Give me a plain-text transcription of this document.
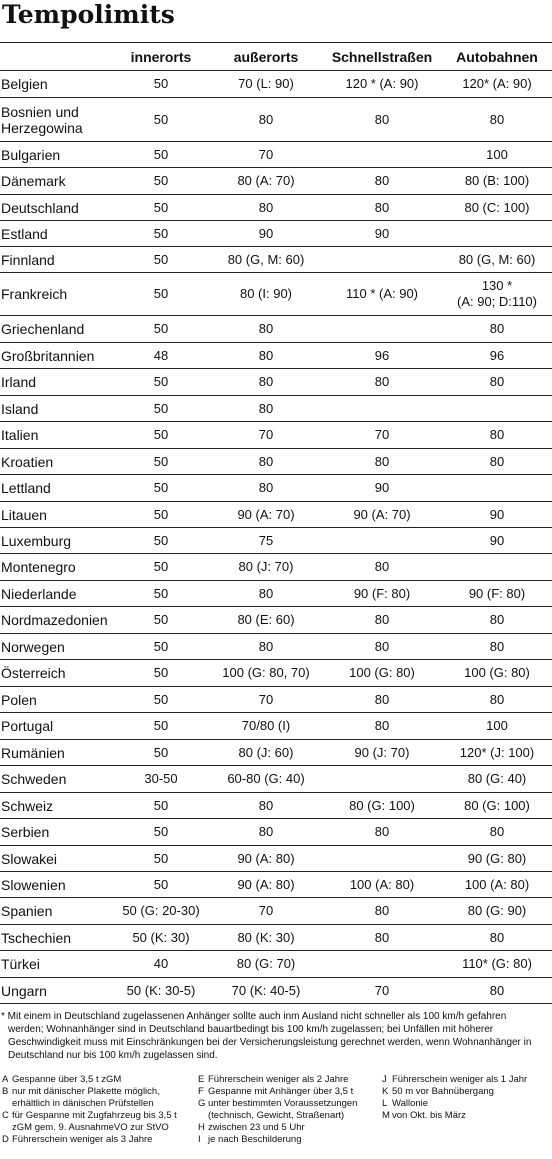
Tempolimits
	innerorts	außerorts	Schnellstraßen	Autobahnen
Belgien	50	70 (L: 90)	120 * (A: 90)	120* (A: 90)
Bosnien und Herzegowina	50	80	80	80
Bulgarien	50	70		100
Dänemark	50	80 (A: 70)	80	80 (B: 100)
Deutschland	50	80	80	80 (C: 100)
Estland	50	90	90	
Finnland	50	80 (G, M: 60)		80 (G, M: 60)
Frankreich	50	80 (I: 90)	110 * (A: 90)	130 *
(A: 90; D:110)
Griechenland	50	80		80
Großbritannien	48	80	96	96
Irland	50	80	80	80
Island	50	80		
Italien	50	70	70	80
Kroatien	50	80	80	80
Lettland	50	80	90	
Litauen	50	90 (A: 70)	90 (A: 70)	90
Luxemburg	50	75		90
Montenegro	50	80 (J: 70)	80	
Niederlande	50	80	90 (F: 80)	90 (F: 80)
Nordmazedonien	50	80 (E: 60)	80	80
Norwegen	50	80	80	80
Österreich	50	100 (G: 80, 70)	100 (G: 80)	100 (G: 80)
Polen	50	70	80	80
Portugal	50	70/80 (I)	80	100
Rumänien	50	80 (J: 60)	90 (J: 70)	120* (J: 100)
Schweden	30-50	60-80 (G: 40)		80 (G: 40)
Schweiz	50	80	80 (G: 100)	80 (G: 100)
Serbien	50	80	80	80
Slowakei	50	90 (A: 80)		90 (G: 80)
Slowenien	50	90 (A: 80)	100 (A: 80)	100 (A: 80)
Spanien	50 (G: 20-30)	70	80	80 (G: 90)
Tschechien	50 (K: 30)	80 (K: 30)	80	80
Türkei	40	80 (G: 70)		110* (G: 80)
Ungarn	50 (K: 30-5)	70 (K: 40-5)	70	80

* Mit einem in Deutschland zugelassenen Anhänger sollte auch inm Ausland nicht schneller als 100 km/h gefahren werden; Wohnanhänger sind in Deutschland bauartbedingt bis 100 km/h zugelassen; bei Unfällen mit höherer Geschwindigkeit muss mit Einschränkungen bei der Versicherungsleistung gerechnet werden, wenn Wohnanhänger in Deutschland nur bis 100 km/h zugelassen sind.

A Gespanne über 3,5 t zGM
B nur mit dänischer Plakette möglich, erhältlich in dänischen Prüfstellen
C für Gespanne mit Zugfahrzeug bis 3,5 t zGM gem. 9. AusnahmeVO zur StVO
D Führerschein weniger als 3 Jahre
E Führerschein weniger als 2 Jahre
F Gespanne mit Anhänger über 3,5 t
G unter bestimmten Voraussetzungen (technisch, Gewicht, Straßenart)
H zwischen 23 und 5 Uhr
I je nach Beschilderung
J Führerschein weniger als 1 Jahr
K 50 m vor Bahnübergang
L Wallonie
M von Okt. bis März
